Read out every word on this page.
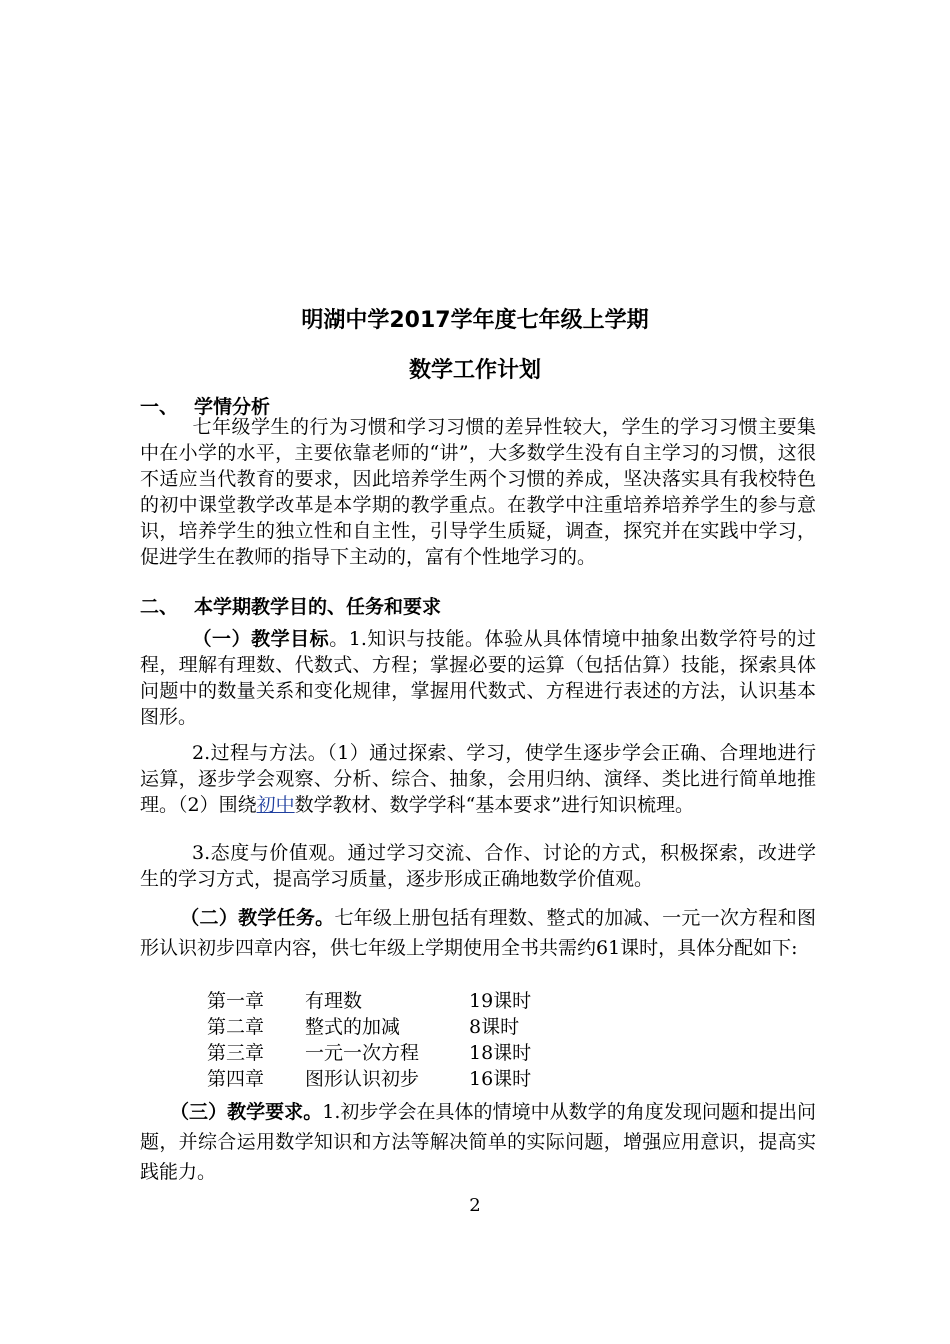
明湖中学2017学年度七年级上学期
数学工作计划
一、 学情分析

七年级学生的行为习惯和学习习惯的差异性较大，学生的学习习惯主要集中在小学的水平，主要依靠老师的“讲”，大多数学生没有自主学习的习惯，这很不适应当代教育的要求，因此培养学生两个习惯的养成，坚决落实具有我校特色的初中课堂教学改革是本学期的教学重点。在教学中注重培养培养学生的参与意识，培养学生的独立性和自主性，引导学生质疑，调查，探究并在实践中学习，促进学生在教师的指导下主动的，富有个性地学习的。

二、 本学期教学目的、任务和要求

（一）教学目标。1.知识与技能。体验从具体情境中抽象出数学符号的过程，理解有理数、代数式、方程；掌握必要的运算（包括估算）技能，探索具体问题中的数量关系和变化规律，掌握用代数式、方程进行表述的方法，认识基本图形。

2.过程与方法。（1）通过探索、学习，使学生逐步学会正确、合理地进行运算，逐步学会观察、分析、综合、抽象，会用归纳、演绎、类比进行简单地推理。（2）围绕初中数学教材、数学学科“基本要求”进行知识梳理。

3.态度与价值观。通过学习交流、合作、讨论的方式，积极探索，改进学生的学习方式，提高学习质量，逐步形成正确地数学价值观。

（二）教学任务。七年级上册包括有理数、整式的加减、一元一次方程和图形认识初步四章内容，供七年级上学期使用全书共需约61课时，具体分配如下:

第一章 有理数	19课时
第二章 整式的加减	8课时
第三章 一元一次方程	18课时
第四章 图形认识初步	16课时

（三）教学要求。1.初步学会在具体的情境中从数学的角度发现问题和提出问题，并综合运用数学知识和方法等解决简单的实际问题，增强应用意识，提高实践能力。

2
